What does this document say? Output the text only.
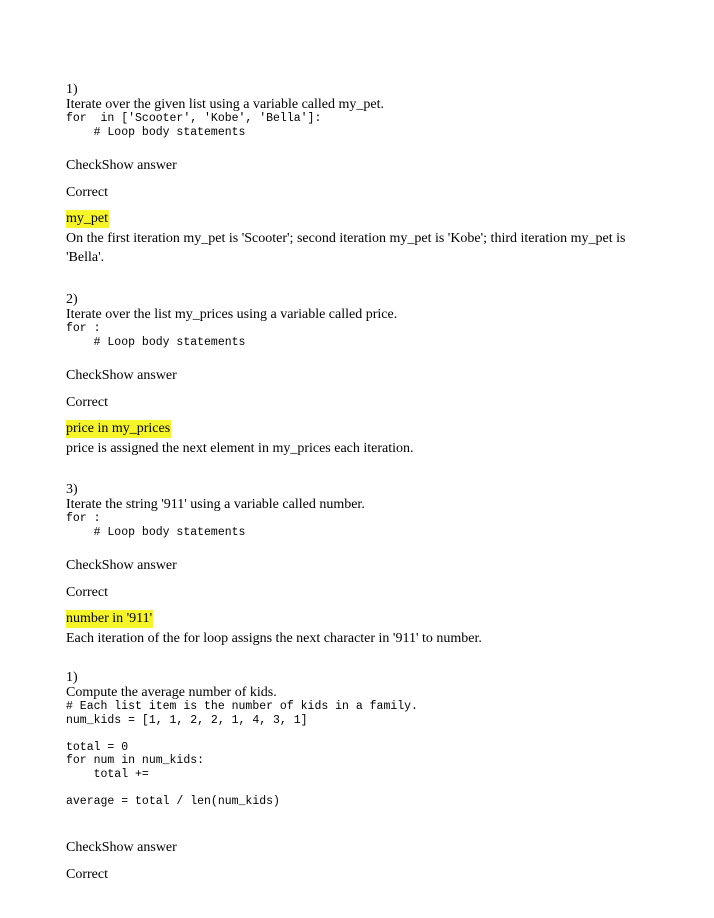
1)
Iterate over the given list using a variable called my_pet.
for  in ['Scooter', 'Kobe', 'Bella']:
# Loop body statements
CheckShow answer
Correct
my_pet
On the first iteration my_pet is 'Scooter'; second iteration my_pet is 'Kobe'; third iteration my_pet is 'Bella'.
2)
Iterate over the list my_prices using a variable called price.
for :
# Loop body statements
CheckShow answer
Correct
price in my_prices
price is assigned the next element in my_prices each iteration.
3)
Iterate the string '911' using a variable called number.
for :
# Loop body statements
CheckShow answer
Correct
number in '911'
Each iteration of the for loop assigns the next character in '911' to number.
1)
Compute the average number of kids.
# Each list item is the number of kids in a family.
num_kids = [1, 1, 2, 2, 1, 4, 3, 1]

total = 0
for num in num_kids:
total +=

average = total / len(num_kids)
CheckShow answer
Correct
